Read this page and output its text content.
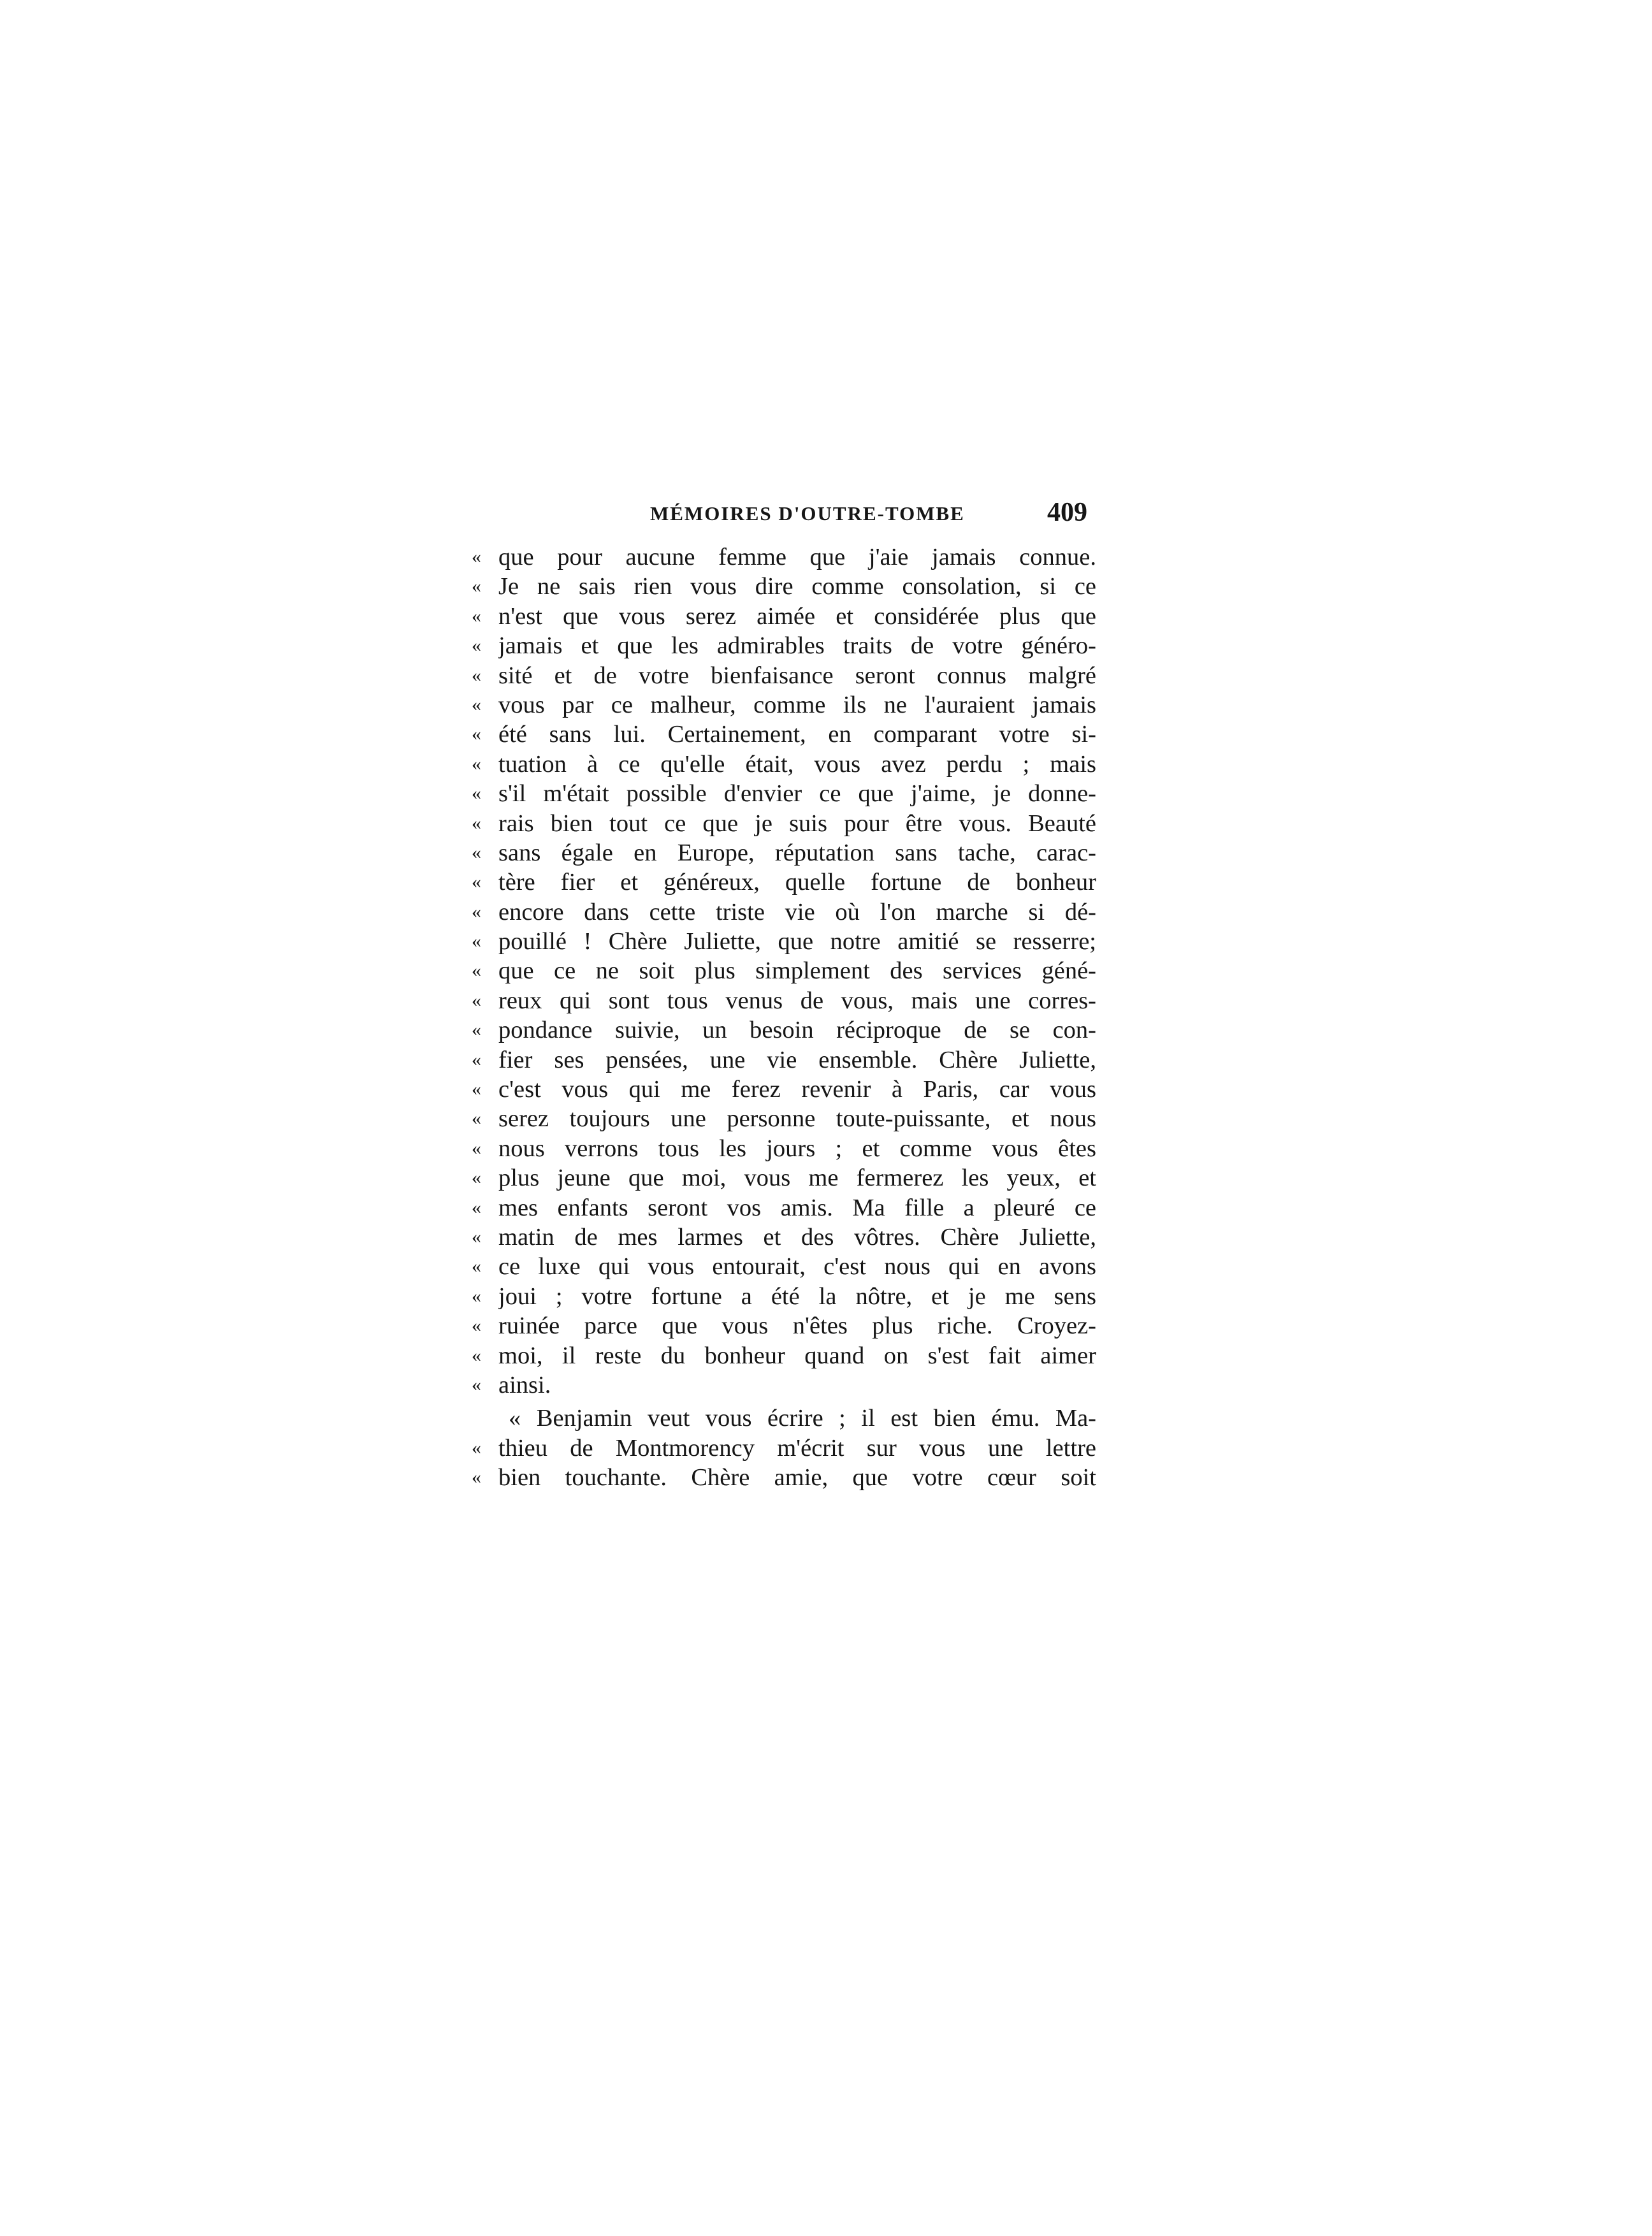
MÉMOIRES D'OUTRE-TOMBE	409
« que pour aucune femme que j'aie jamais connue.
« Je ne sais rien vous dire comme consolation, si ce
« n'est que vous serez aimée et considérée plus que
« jamais et que les admirables traits de votre généro-
« sité et de votre bienfaisance seront connus malgré
« vous par ce malheur, comme ils ne l'auraient jamais
« été sans lui. Certainement, en comparant votre si-
« tuation à ce qu'elle était, vous avez perdu ; mais
« s'il m'était possible d'envier ce que j'aime, je donne-
« rais bien tout ce que je suis pour être vous. Beauté
« sans égale en Europe, réputation sans tache, carac-
« tère fier et généreux, quelle fortune de bonheur
« encore dans cette triste vie où l'on marche si dé-
« pouillé ! Chère Juliette, que notre amitié se resserre;
« que ce ne soit plus simplement des services géné-
« reux qui sont tous venus de vous, mais une corres-
« pondance suivie, un besoin réciproque de se con-
« fier ses pensées, une vie ensemble. Chère Juliette,
« c'est vous qui me ferez revenir à Paris, car vous
« serez toujours une personne toute-puissante, et nous
« nous verrons tous les jours ; et comme vous êtes
« plus jeune que moi, vous me fermerez les yeux, et
« mes enfants seront vos amis. Ma fille a pleuré ce
« matin de mes larmes et des vôtres. Chère Juliette,
« ce luxe qui vous entourait, c'est nous qui en avons
« joui ; votre fortune a été la nôtre, et je me sens
« ruinée parce que vous n'êtes plus riche. Croyez-
« moi, il reste du bonheur quand on s'est fait aimer
« ainsi.
« Benjamin veut vous écrire ; il est bien ému. Ma-
« thieu de Montmorency m'écrit sur vous une lettre
« bien touchante. Chère amie, que votre cœur soit
